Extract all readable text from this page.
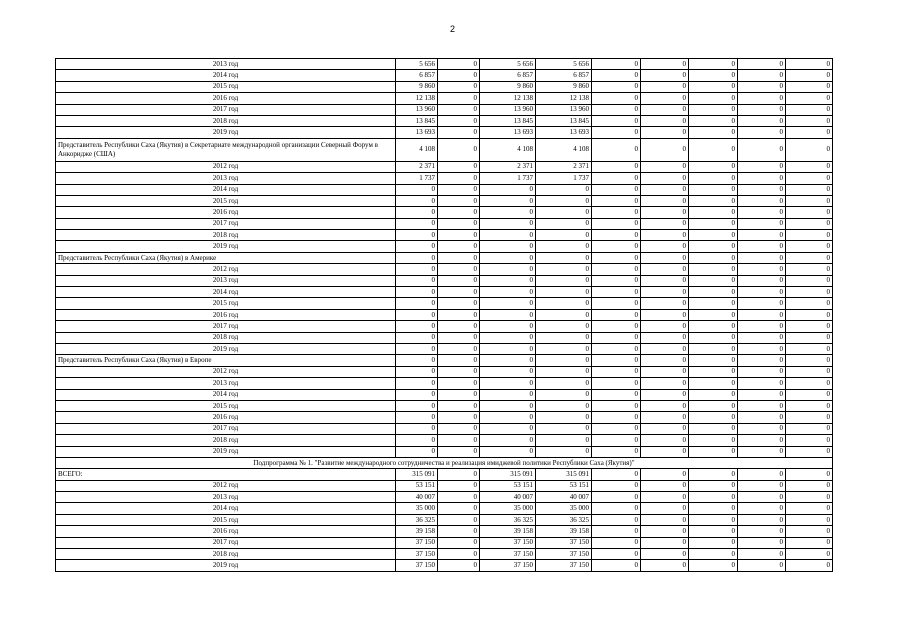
2
2013 год	5 656	0	5 656	5 656	0	0	0	0	0
2014 год	6 857	0	6 857	6 857	0	0	0	0	0
2015 год	9 860	0	9 860	9 860	0	0	0	0	0
2016 год	12 138	0	12 138	12 138	0	0	0	0	0
2017 год	13 960	0	13 960	13 960	0	0	0	0	0
2018 год	13 845	0	13 845	13 845	0	0	0	0	0
2019 год	13 693	0	13 693	13 693	0	0	0	0	0
Представитель Республики Саха (Якутия) в Секретариате международной организации Северный Форум в Анкоридже (США)	4 108	0	4 108	4 108	0	0	0	0	0
2012 год	2 371	0	2 371	2 371	0	0	0	0	0
2013 год	1 737	0	1 737	1 737	0	0	0	0	0
2014 год	0	0	0	0	0	0	0	0	0
2015 год	0	0	0	0	0	0	0	0	0
2016 год	0	0	0	0	0	0	0	0	0
2017 год	0	0	0	0	0	0	0	0	0
2018 год	0	0	0	0	0	0	0	0	0
2019 год	0	0	0	0	0	0	0	0	0
Представитель Республики Саха (Якутия) в Америке	0	0	0	0	0	0	0	0	0
2012 год	0	0	0	0	0	0	0	0	0
2013 год	0	0	0	0	0	0	0	0	0
2014 год	0	0	0	0	0	0	0	0	0
2015 год	0	0	0	0	0	0	0	0	0
2016 год	0	0	0	0	0	0	0	0	0
2017 год	0	0	0	0	0	0	0	0	0
2018 год	0	0	0	0	0	0	0	0	0
2019 год	0	0	0	0	0	0	0	0	0
Представитель Республики Саха (Якутия) в Европе	0	0	0	0	0	0	0	0	0
2012 год	0	0	0	0	0	0	0	0	0
2013 год	0	0	0	0	0	0	0	0	0
2014 год	0	0	0	0	0	0	0	0	0
2015 год	0	0	0	0	0	0	0	0	0
2016 год	0	0	0	0	0	0	0	0	0
2017 год	0	0	0	0	0	0	0	0	0
2018 год	0	0	0	0	0	0	0	0	0
2019 год	0	0	0	0	0	0	0	0	0
Подпрограмма № 1. "Развитие международного сотрудничества и реализация имиджевой политики Республики Саха (Якутия)"									
ВСЕГО:	315 091	0	315 091	315 091	0	0	0	0	0
2012 год	53 151	0	53 151	53 151	0	0	0	0	0
2013 год	40 007	0	40 007	40 007	0	0	0	0	0
2014 год	35 000	0	35 000	35 000	0	0	0	0	0
2015 год	36 325	0	36 325	36 325	0	0	0	0	0
2016 год	39 158	0	39 158	39 158	0	0	0	0	0
2017 год	37 150	0	37 150	37 150	0	0	0	0	0
2018 год	37 150	0	37 150	37 150	0	0	0	0	0
2019 год	37 150	0	37 150	37 150	0	0	0	0	0
